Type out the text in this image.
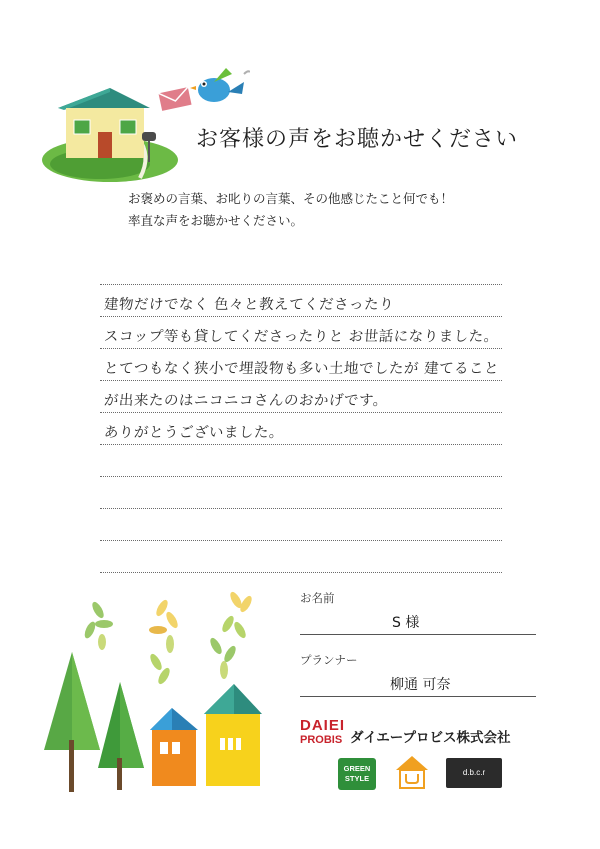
お客様の声をお聴かせください
お褒めの言葉、お叱りの言葉、その他感じたこと何でも！
率直な声をお聴かせください。
建物だけでなく 色々と教えてくださったり
スコップ等も貸してくださったりと お世話になりました。
とてつもなく狭小で埋設物も多い土地でしたが 建てること
が出来たのはニコニコさんのおかげです。
ありがとうございました。
お名前
S 様
プランナー
柳通 可奈
DAIEI
PROBIS ダイエープロビス株式会社
GREEN
STYLE
d.b.c.r
